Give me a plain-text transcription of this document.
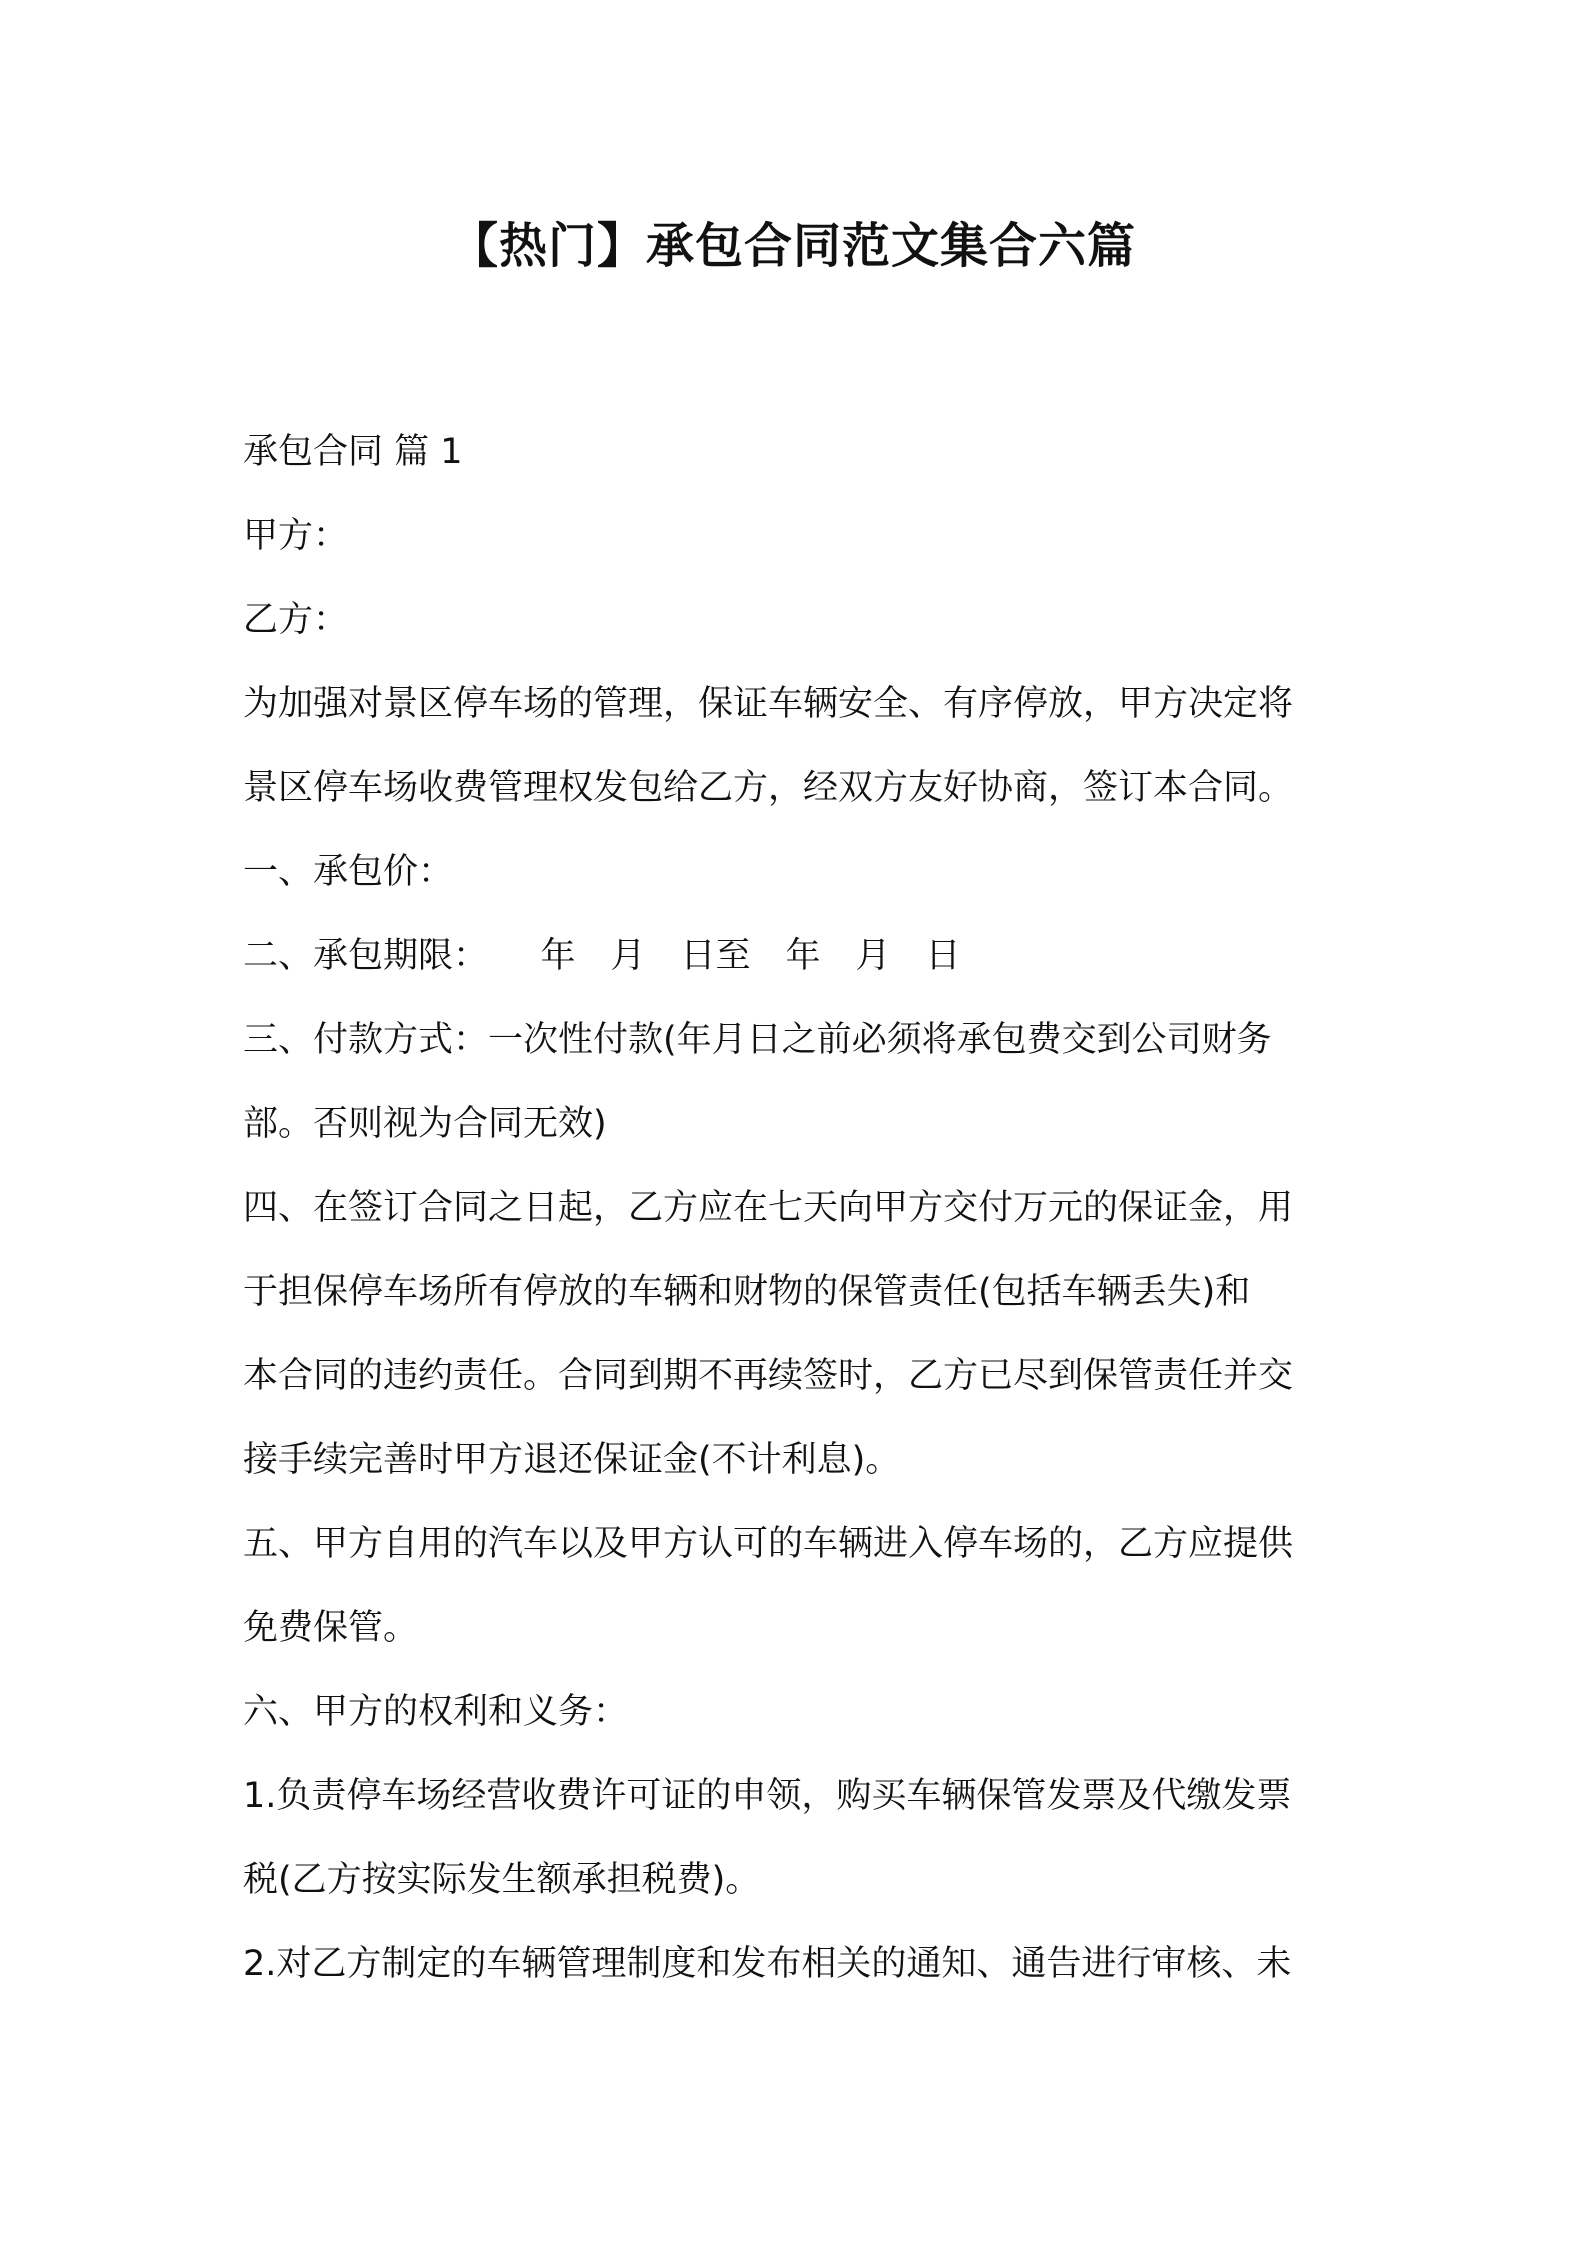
【热门】承包合同范文集合六篇
承包合同 篇 1
甲方：
乙方：
为加强对景区停车场的管理，保证车辆安全、有序停放，甲方决定将
景区停车场收费管理权发包给乙方，经双方友好协商，签订本合同。
一、承包价：
二、承包期限：　　年　月　日至　年　月　日
三、付款方式：一次性付款(年月日之前必须将承包费交到公司财务
部。否则视为合同无效)
四、在签订合同之日起，乙方应在七天向甲方交付万元的保证金，用
于担保停车场所有停放的车辆和财物的保管责任(包括车辆丢失)和
本合同的违约责任。合同到期不再续签时，乙方已尽到保管责任并交
接手续完善时甲方退还保证金(不计利息)。
五、甲方自用的汽车以及甲方认可的车辆进入停车场的，乙方应提供
免费保管。
六、甲方的权利和义务：
1.负责停车场经营收费许可证的申领，购买车辆保管发票及代缴发票
税(乙方按实际发生额承担税费)。
2.对乙方制定的车辆管理制度和发布相关的通知、通告进行审核、未
